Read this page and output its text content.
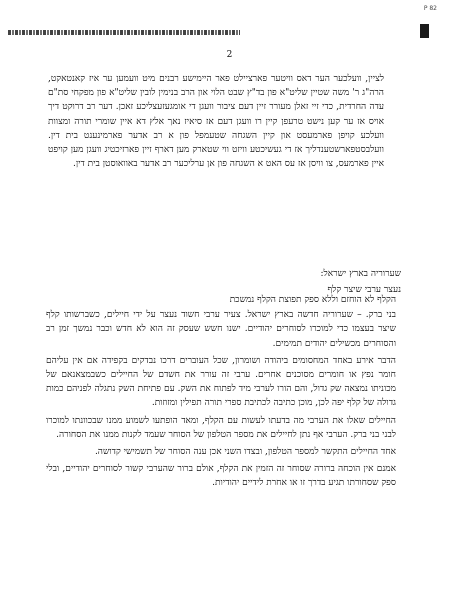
P 82
2

לציין, וועלכער הער דאס וויטער פארציילט פאר היימישע רבנים מיט וועמען ער איז קאנטאקט, הרה"ג ר' משה שטיין שליט"א פון בד"ץ שבט הלוי און הרב בנימין לובין שליט"א פון מפקחי סת"ם עדה החרדית, כדי זיי זאלן מעורר זיין דעם ציבור וועגן די אומגעזעצליכע זאכן. דער רב דרוקט דיך אויס אז ער קען נישט טרעפן קיין רו וועגן דעם אז סיאיז נאך אלץ דא איין שומרי תורה ומצוות וועלכע קויפן פארמעסט און קיין השגחה שטעמפל פון א רב אדער פארמינענט בית דין. וועלבסטפארשטענדליך אז די געשיכטע וויזט ווי שטארק מען דארף זיין פארזיכטיג וועגן מען קויפט איין פארמעס, צו וויסן אז עס האט א השגחה פון אן ערליכער רב אדער באוואוסטן בית דין.

שערוריה בארץ ישראל:
נעצר ערבי שיצר קלף

הקלף לא הוחזם וללא ספק תפוצת הקלף נמשכת

בני ברק. – שערוריה חדשה בארץ ישראל. צעיר ערבי חשוד נעצר על ידי חיילים, כשברשותו קלף שיצר בעצמו כדי למוכרו לסוחרים יהודיים. ישנו חשש שעסק זה הוא לא חדש וכבר נמשך זמן רב והסוחרים מכשילים יהודים תמימים.

הדבר אירע באחד המחסומים ביהודה ושומרון, שכל העוברים דרכו נבדקים בקפידה אם אין עליהם חומר נפץ או חומרים מסוכנים אחרים. ערבי זה עורר את חשדם של החיילים כשבמצאנאם של מכוניתו נמצאה שק גדול, והם הורו לערבי מיד לפתוח את השק. עם פתיחת השק נתגלה לפניהם כמות גדולה של קלף יפה לכן, מוכן כתיבה לכתיבת ספרי תורה תפילין ומזוזות.

החיילים שאלו את הערבי מה בדעתו לעשות עם הקלף, ומאד הופתעו לשמוע ממנו שבכוונתו למוכרו לבני בני ברק. הערבי אף נתן לחיילים את מספר הטלפון של הסוחר שעמד לקנות ממנו את הסחורה.

אחד החיילים התקשר למספר הטלפון, ובצדו השני אכן ענה הסוחר של תשמישי קדושה.

אמנם אין הוכחה ברורה שסוחר זה הזמין את הקלף, אולם ברור שהערבי קשור לסוחרים יהודיים, ובלי ספק שסחורתו תגיע בדרך זו או אחרת לידיים יהודיות.
